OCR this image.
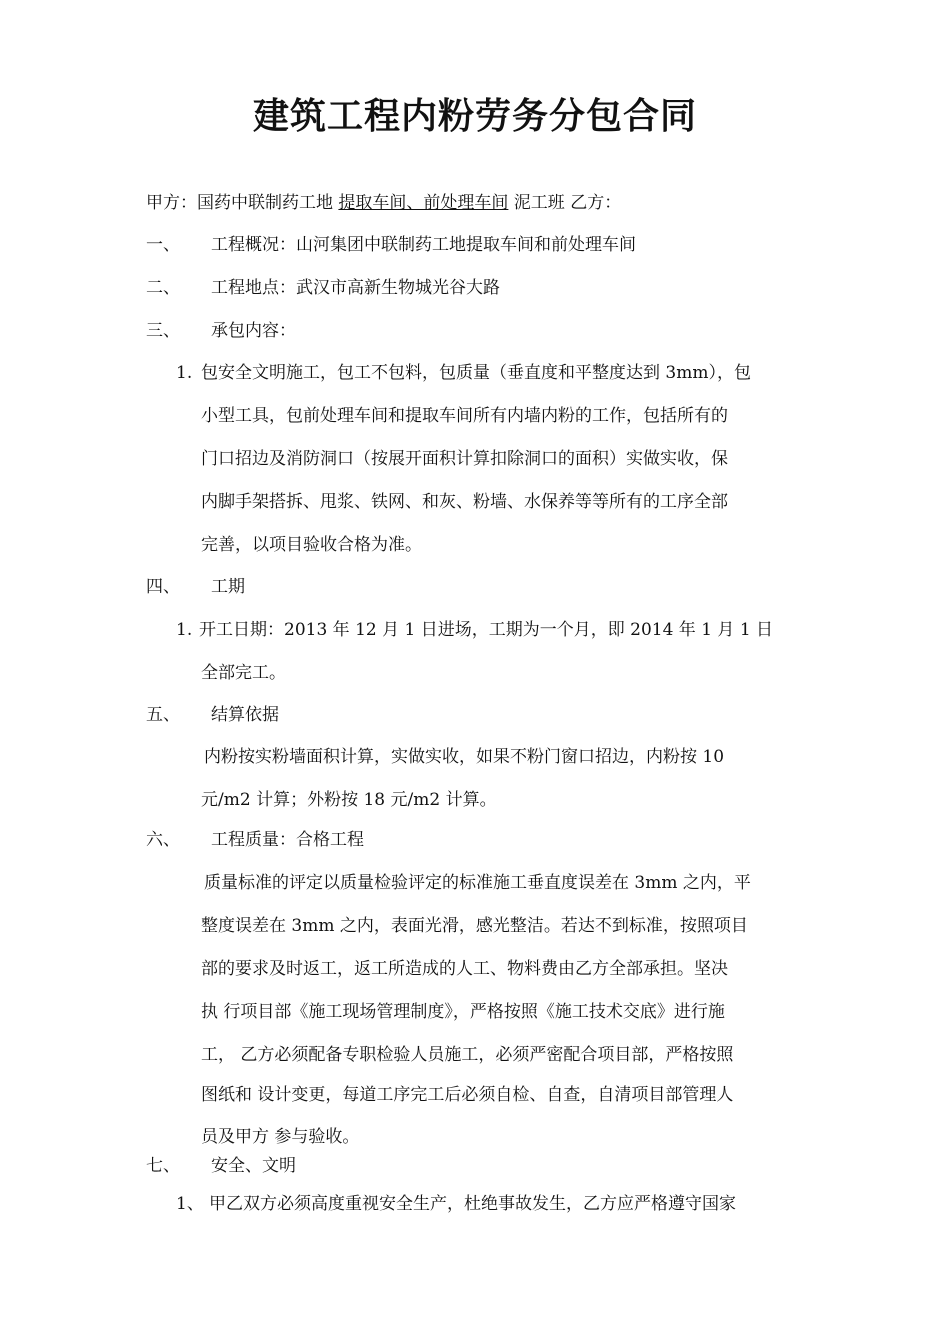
建筑工程内粉劳务分包合同
甲方：国药中联制药工地 提取车间、前处理车间 泥工班 乙方：
一、 工程概况：山河集团中联制药工地提取车间和前处理车间
二、 工程地点：武汉市高新生物城光谷大路
三、 承包内容：
1. 包安全文明施工，包工不包料，包质量（垂直度和平整度达到 3mm），包
小型工具，包前处理车间和提取车间所有内墙内粉的工作，包括所有的
门口招边及消防洞口（按展开面积计算扣除洞口的面积）实做实收，保
内脚手架搭拆、甩浆、铁网、和灰、粉墙、水保养等等所有的工序全部
完善，以项目验收合格为准。
四、 工期
1. 开工日期：2013 年 12 月 1 日进场，工期为一个月，即 2014 年 1 月 1 日
全部完工。
五、 结算依据
内粉按实粉墙面积计算，实做实收，如果不粉门窗口招边，内粉按 10
元/m2 计算；外粉按 18 元/m2 计算。
六、 工程质量：合格工程
质量标准的评定以质量检验评定的标准施工垂直度误差在 3mm 之内，平
整度误差在 3mm 之内，表面光滑，感光整洁。若达不到标准，按照项目
部的要求及时返工，返工所造成的人工、物料费由乙方全部承担。坚决
执 行项目部《施工现场管理制度》，严格按照《施工技术交底》进行施
工， 乙方必须配备专职检验人员施工，必须严密配合项目部，严格按照
图纸和 设计变更，每道工序完工后必须自检、自查，自清项目部管理人
员及甲方 参与验收。
七、 安全、文明
1、 甲乙双方必须高度重视安全生产，杜绝事故发生，乙方应严格遵守国家
